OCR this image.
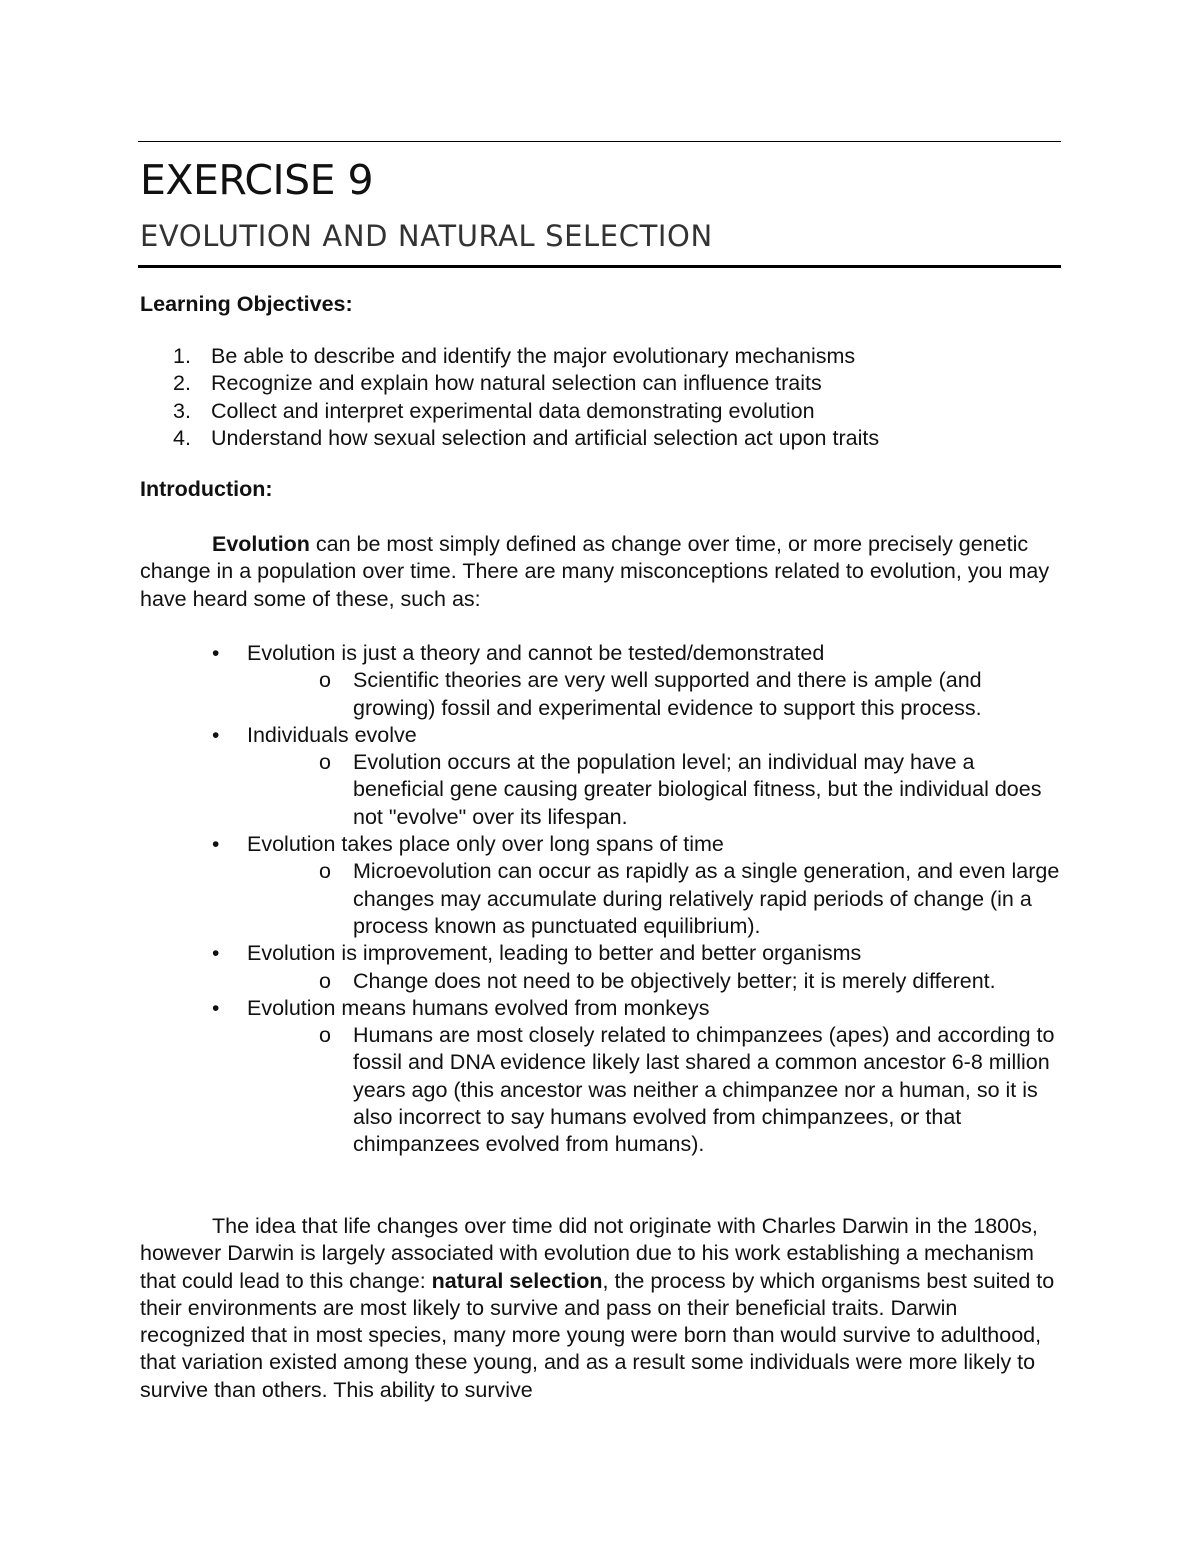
EXERCISE 9
EVOLUTION AND NATURAL SELECTION
Learning Objectives:
1. Be able to describe and identify the major evolutionary mechanisms
2. Recognize and explain how natural selection can influence traits
3. Collect and interpret experimental data demonstrating evolution
4. Understand how sexual selection and artificial selection act upon traits
Introduction:

Evolution can be most simply defined as change over time, or more precisely genetic change in a population over time. There are many misconceptions related to evolution, you may have heard some of these, such as:

• Evolution is just a theory and cannot be tested/demonstrated
o Scientific theories are very well supported and there is ample (and growing) fossil and experimental evidence to support this process.
• Individuals evolve
o Evolution occurs at the population level; an individual may have a beneficial gene causing greater biological fitness, but the individual does not "evolve" over its lifespan.
• Evolution takes place only over long spans of time
o Microevolution can occur as rapidly as a single generation, and even large changes may accumulate during relatively rapid periods of change (in a process known as punctuated equilibrium).
• Evolution is improvement, leading to better and better organisms
o Change does not need to be objectively better; it is merely different.
• Evolution means humans evolved from monkeys
o Humans are most closely related to chimpanzees (apes) and according to fossil and DNA evidence likely last shared a common ancestor 6-8 million years ago (this ancestor was neither a chimpanzee nor a human, so it is also incorrect to say humans evolved from chimpanzees, or that chimpanzees evolved from humans).

The idea that life changes over time did not originate with Charles Darwin in the 1800s, however Darwin is largely associated with evolution due to his work establishing a mechanism that could lead to this change: natural selection, the process by which organisms best suited to their environments are most likely to survive and pass on their beneficial traits. Darwin recognized that in most species, many more young were born than would survive to adulthood, that variation existed among these young, and as a result some individuals were more likely to survive than others. This ability to survive
